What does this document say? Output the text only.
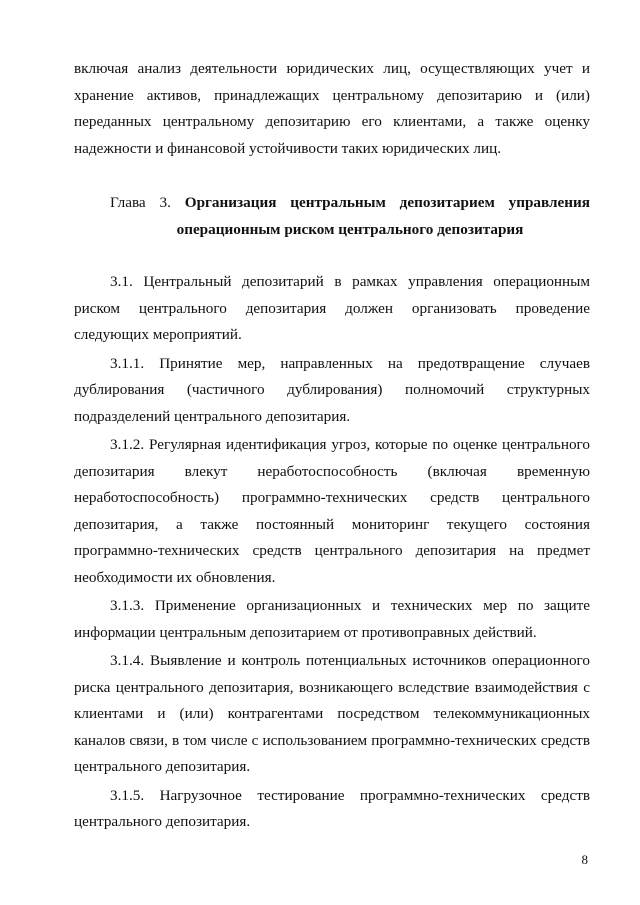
включая анализ деятельности юридических лиц, осуществляющих учет и хранение активов, принадлежащих центральному депозитарию и (или) переданных центральному депозитарию его клиентами, а также оценку надежности и финансовой устойчивости таких юридических лиц.

Глава 3. Организация центральным депозитарием управления
операционным риском центрального депозитария

3.1. Центральный депозитарий в рамках управления операционным риском центрального депозитария должен организовать проведение следующих мероприятий.

3.1.1. Принятие мер, направленных на предотвращение случаев дублирования (частичного дублирования) полномочий структурных подразделений центрального депозитария.

3.1.2. Регулярная идентификация угроз, которые по оценке центрального депозитария влекут неработоспособность (включая временную неработоспособность) программно-технических средств центрального депозитария, а также постоянный мониторинг текущего состояния программно-технических средств центрального депозитария на предмет необходимости их обновления.

3.1.3. Применение организационных и технических мер по защите информации центральным депозитарием от противоправных действий.

3.1.4. Выявление и контроль потенциальных источников операционного риска центрального депозитария, возникающего вследствие взаимодействия с клиентами и (или) контрагентами посредством телекоммуникационных каналов связи, в том числе с использованием программно-технических средств центрального депозитария.

3.1.5. Нагрузочное тестирование программно-технических средств центрального депозитария.

8
